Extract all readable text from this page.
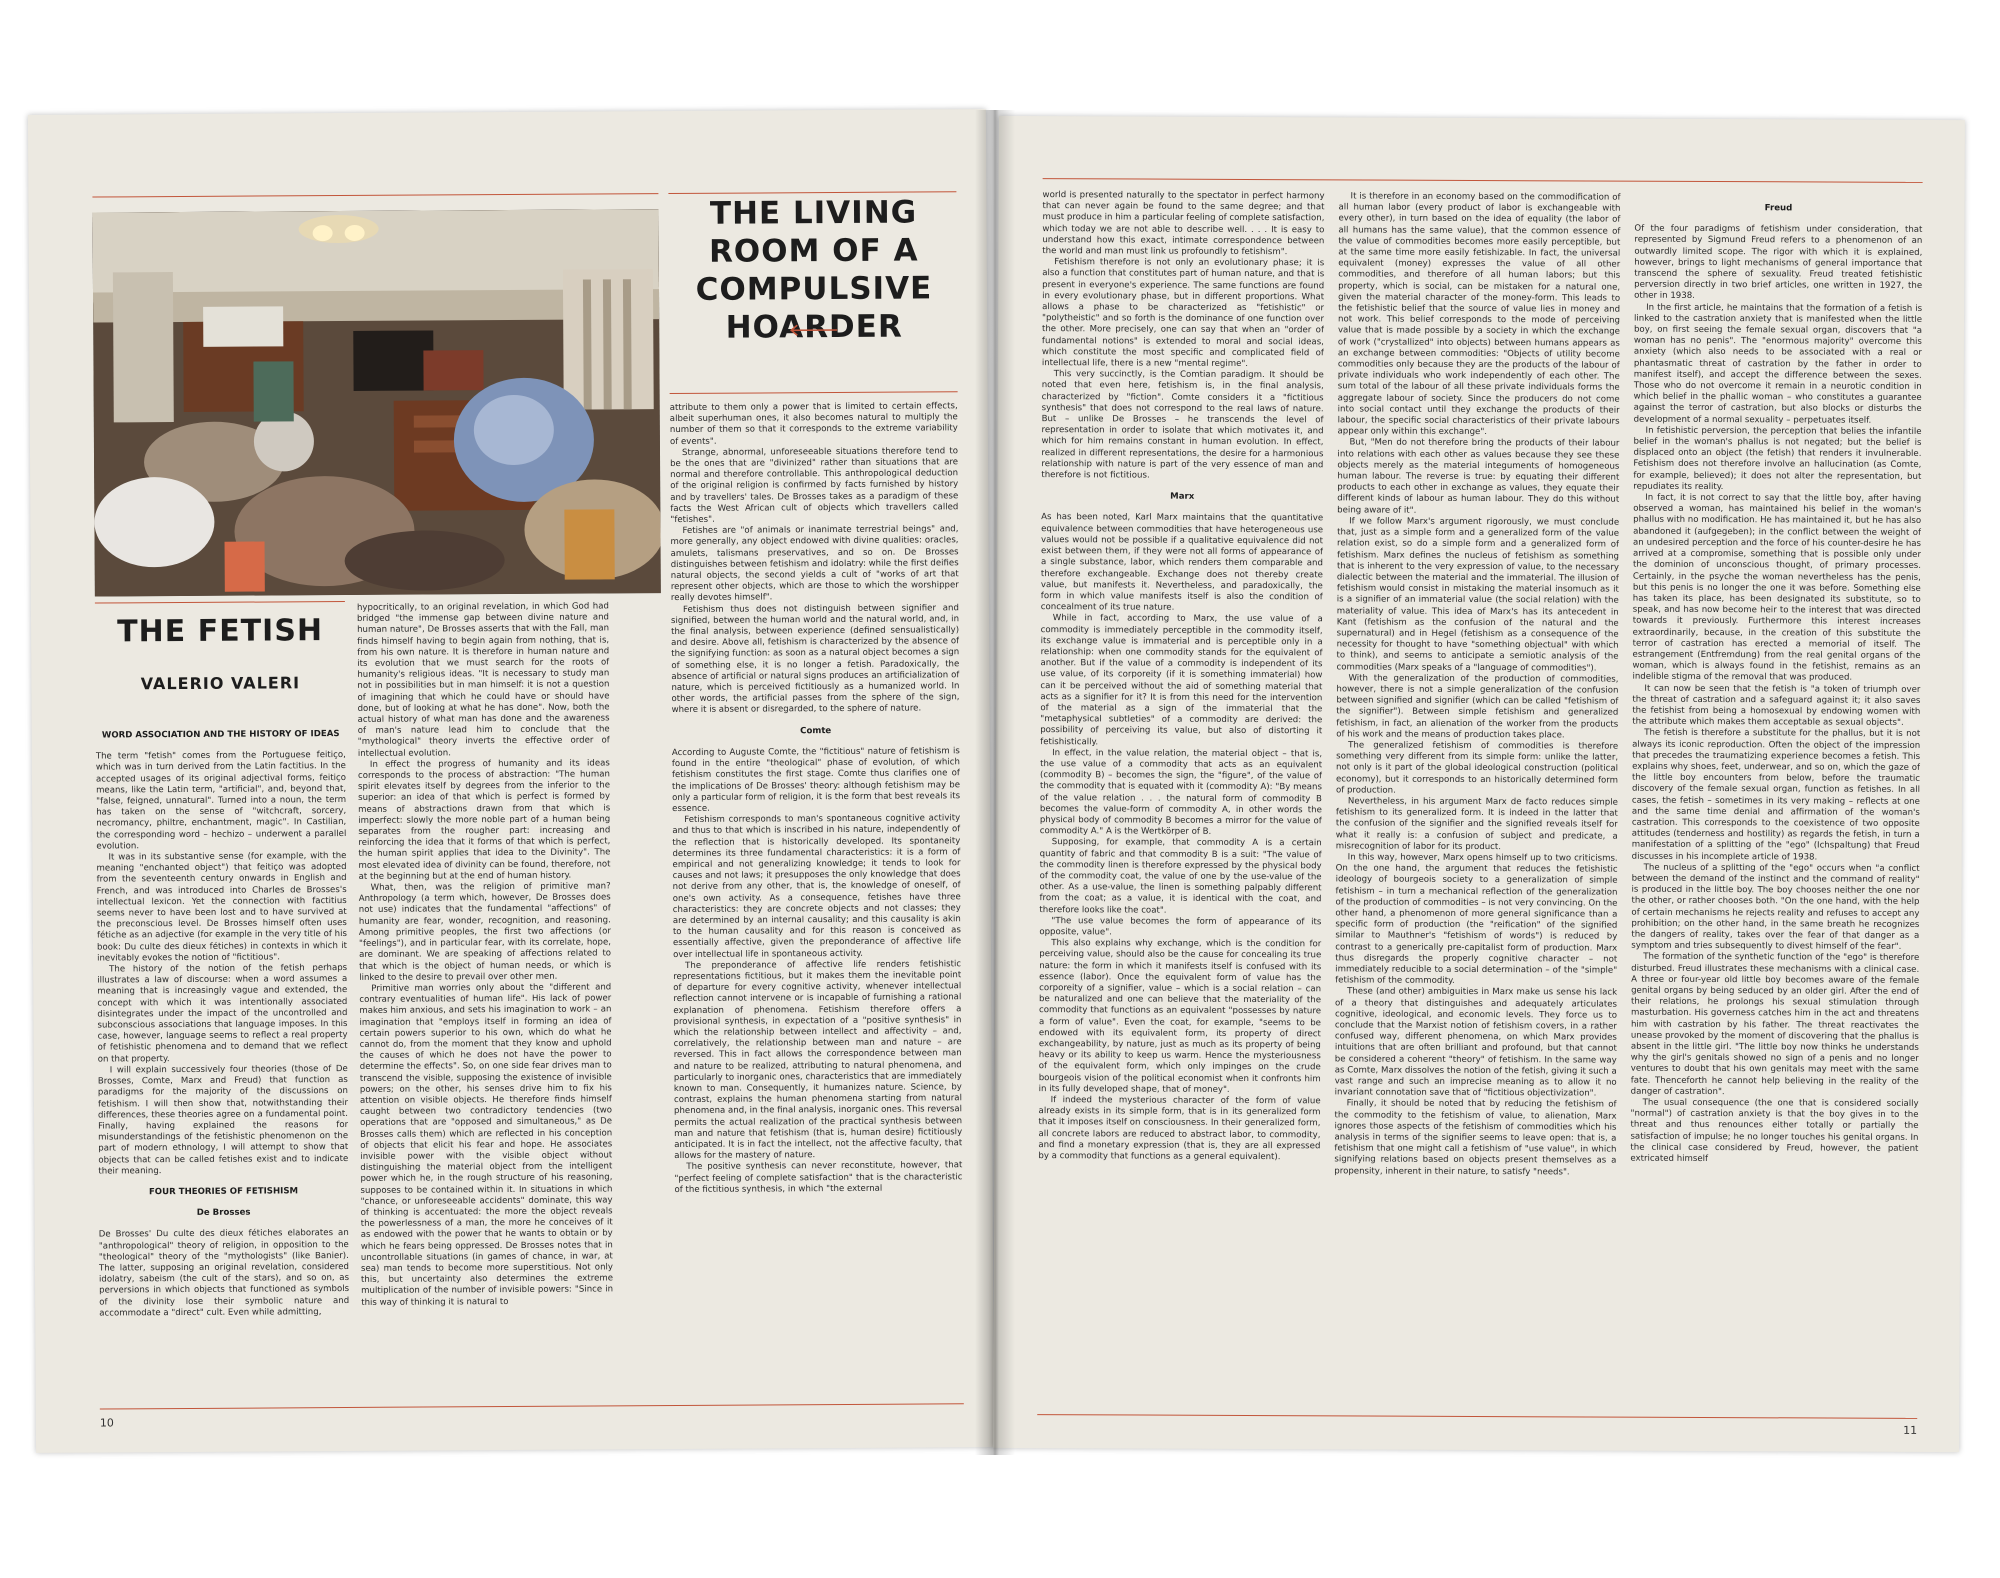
THE LIVING ROOM OF A COMPULSIVE HOARDER
THE FETISH
VALERIO VALERI
WORD ASSOCIATION AND THE HISTORY OF IDEAS

The term "fetish" comes from the Portuguese feitiço, which was in turn derived from the Latin factitius. In the accepted usages of its original adjectival forms, feitiço means, like the Latin term, "artificial", and, beyond that, "false, feigned, unnatural". Turned into a noun, the term has taken on the sense of "witchcraft, sorcery, necromancy, philtre, enchantment, magic". In Castilian, the corresponding word – hechizo – underwent a parallel evolution.

It was in its substantive sense (for example, with the meaning "enchanted object") that feitiço was adopted from the seventeenth century onwards in English and French, and was introduced into Charles de Brosses's intellectual lexicon. Yet the connection with factitius seems never to have been lost and to have survived at the preconscious level. De Brosses himself often uses fétiche as an adjective (for example in the very title of his book: Du culte des dieux fétiches) in contexts in which it inevitably evokes the notion of "fictitious".

The history of the notion of the fetish perhaps illustrates a law of discourse: when a word assumes a meaning that is increasingly vague and extended, the concept with which it was intentionally associated disintegrates under the impact of the uncontrolled and subconscious associations that language imposes. In this case, however, language seems to reflect a real property of fetishistic phenomena and to demand that we reflect on that property.

I will explain successively four theories (those of De Brosses, Comte, Marx and Freud) that function as paradigms for the majority of the discussions on fetishism. I will then show that, notwithstanding their differences, these theories agree on a fundamental point. Finally, having explained the reasons for misunderstandings of the fetishistic phenomenon on the part of modern ethnology, I will attempt to show that objects that can be called fetishes exist and to indicate their meaning.

FOUR THEORIES OF FETISHISM
De Brosses

De Brosses' Du culte des dieux fétiches elaborates an "anthropological" theory of religion, in opposition to the "theological" theory of the "mythologists" (like Banier). The latter, supposing an original revelation, considered idolatry, sabeism (the cult of the stars), and so on, as perversions in which objects that functioned as symbols of the divinity lose their symbolic nature and accommodate a "direct" cult. Even while admitting,

hypocritically, to an original revelation, in which God had bridged "the immense gap between divine nature and human nature", De Brosses asserts that with the Fall, man finds himself having to begin again from nothing, that is, from his own nature. It is therefore in human nature and its evolution that we must search for the roots of humanity's religious ideas. "It is necessary to study man not in possibilities but in man himself: it is not a question of imagining that which he could have or should have done, but of looking at what he has done". Now, both the actual history of what man has done and the awareness of man's nature lead him to conclude that the "mythological" theory inverts the effective order of intellectual evolution.

In effect the progress of humanity and its ideas corresponds to the process of abstraction: "The human spirit elevates itself by degrees from the inferior to the superior: an idea of that which is perfect is formed by means of abstractions drawn from that which is imperfect: slowly the more noble part of a human being separates from the rougher part: increasing and reinforcing the idea that it forms of that which is perfect, the human spirit applies that idea to the Divinity". The most elevated idea of divinity can be found, therefore, not at the beginning but at the end of human history.

What, then, was the religion of primitive man? Anthropology (a term which, however, De Brosses does not use) indicates that the fundamental "affections" of humanity are fear, wonder, recognition, and reasoning. Among primitive peoples, the first two affections (or "feelings"), and in particular fear, with its correlate, hope, are dominant. We are speaking of affections related to that which is the object of human needs, or which is linked to the desire to prevail over other men.

Primitive man worries only about the "different and contrary eventualities of human life". His lack of power makes him anxious, and sets his imagination to work – an imagination that "employs itself in forming an idea of certain powers superior to his own, which do what he cannot do, from the moment that they know and uphold the causes of which he does not have the power to determine the effects". So, on one side fear drives man to transcend the visible, supposing the existence of invisible powers; on the other, his senses drive him to fix his attention on visible objects. He therefore finds himself caught between two contradictory tendencies (two operations that are "opposed and simultaneous," as De Brosses calls them) which are reflected in his conception of objects that elicit his fear and hope. He associates invisible power with the visible object without distinguishing the material object from the intelligent power which he, in the rough structure of his reasoning, supposes to be contained within it. In situations in which "chance, or unforeseeable accidents" dominate, this way of thinking is accentuated: the more the object reveals the powerlessness of a man, the more he conceives of it as endowed with the power that he wants to obtain or by which he fears being oppressed. De Brosses notes that in uncontrollable situations (in games of chance, in war, at sea) man tends to become more superstitious. Not only this, but uncertainty also determines the extreme multiplication of the number of invisible powers: "Since in this way of thinking it is natural to

attribute to them only a power that is limited to certain effects, albeit superhuman ones, it also becomes natural to multiply the number of them so that it corresponds to the extreme variability of events".

Strange, abnormal, unforeseeable situations therefore tend to be the ones that are "divinized" rather than situations that are normal and therefore controllable. This anthropological deduction of the original religion is confirmed by facts furnished by history and by travellers' tales. De Brosses takes as a paradigm of these facts the West African cult of objects which travellers called "fetishes".

Fetishes are "of animals or inanimate terrestrial beings" and, more generally, any object endowed with divine qualities: oracles, amulets, talismans preservatives, and so on. De Brosses distinguishes between fetishism and idolatry: while the first deifies natural objects, the second yields a cult of "works of art that represent other objects, which are those to which the worshipper really devotes himself".

Fetishism thus does not distinguish between signifier and signified, between the human world and the natural world, and, in the final analysis, between experience (defined sensualistically) and desire. Above all, fetishism is characterized by the absence of the signifying function: as soon as a natural object becomes a sign of something else, it is no longer a fetish. Paradoxically, the absence of artificial or natural signs produces an artificialization of nature, which is perceived fictitiously as a humanized world. In other words, the artificial passes from the sphere of the sign, where it is absent or disregarded, to the sphere of nature.

Comte

According to Auguste Comte, the "fictitious" nature of fetishism is found in the entire "theological" phase of evolution, of which fetishism constitutes the first stage. Comte thus clarifies one of the implications of De Brosses' theory: although fetishism may be only a particular form of religion, it is the form that best reveals its essence.

Fetishism corresponds to man's spontaneous cognitive activity and thus to that which is inscribed in his nature, independently of the reflection that is historically developed. Its spontaneity determines its three fundamental characteristics: it is a form of empirical and not generalizing knowledge; it tends to look for causes and not laws; it presupposes the only knowledge that does not derive from any other, that is, the knowledge of oneself, of one's own activity. As a consequence, fetishes have three characteristics: they are concrete objects and not classes; they are determined by an internal causality; and this causality is akin to the human causality and for this reason is conceived as essentially affective, given the preponderance of affective life over intellectual life in spontaneous activity.

The preponderance of affective life renders fetishistic representations fictitious, but it makes them the inevitable point of departure for every cognitive activity, whenever intellectual reflection cannot intervene or is incapable of furnishing a rational explanation of phenomena. Fetishism therefore offers a provisional synthesis, in expectation of a "positive synthesis" in which the relationship between intellect and affectivity – and, correlatively, the relationship between man and nature – are reversed. This in fact allows the correspondence between man and nature to be realized, attributing to natural phenomena, and particularly to inorganic ones, characteristics that are immediately known to man. Consequently, it humanizes nature. Science, by contrast, explains the human phenomena starting from natural phenomena and, in the final analysis, inorganic ones. This reversal permits the actual realization of the practical synthesis between man and nature that fetishism (that is, human desire) fictitiously anticipated. It is in fact the intellect, not the affective faculty, that allows for the mastery of nature.

The positive synthesis can never reconstitute, however, that "perfect feeling of complete satisfaction" that is the characteristic of the fictitious synthesis, in which "the external

10

world is presented naturally to the spectator in perfect harmony that can never again be found to the same degree; and that must produce in him a particular feeling of complete satisfaction, which today we are not able to describe well. . . . It is easy to understand how this exact, intimate correspondence between the world and man must link us profoundly to fetishism".

Fetishism therefore is not only an evolutionary phase; it is also a function that constitutes part of human nature, and that is present in everyone's experience. The same functions are found in every evolutionary phase, but in different proportions. What allows a phase to be characterized as "fetishistic" or "polytheistic" and so forth is the dominance of one function over the other. More precisely, one can say that when an "order of fundamental notions" is extended to moral and social ideas, which constitute the most specific and complicated field of intellectual life, there is a new "mental regime".

This very succinctly, is the Comtian paradigm. It should be noted that even here, fetishism is, in the final analysis, characterized by "fiction". Comte considers it a "fictitious synthesis" that does not correspond to the real laws of nature. But – unlike De Brosses – he transcends the level of representation in order to isolate that which motivates it, and which for him remains constant in human evolution. In effect, realized in different representations, the desire for a harmonious relationship with nature is part of the very essence of man and therefore is not fictitious.

Marx

As has been noted, Karl Marx maintains that the quantitative equivalence between commodities that have heterogeneous use values would not be possible if a qualitative equivalence did not exist between them, if they were not all forms of appearance of a single substance, labor, which renders them comparable and therefore exchangeable. Exchange does not thereby create value, but manifests it. Nevertheless, and paradoxically, the form in which value manifests itself is also the condition of concealment of its true nature.

While in fact, according to Marx, the use value of a commodity is immediately perceptible in the commodity itself, its exchange value is immaterial and is perceptible only in a relationship: when one commodity stands for the equivalent of another. But if the value of a commodity is independent of its use value, of its corporeity (if it is something immaterial) how can it be perceived without the aid of something material that acts as a signifier for it? It is from this need for the intervention of the material as a sign of the immaterial that the "metaphysical subtleties" of a commodity are derived: the possibility of perceiving its value, but also of distorting it fetishistically.

In effect, in the value relation, the material object – that is, the use value of a commodity that acts as an equivalent (commodity B) – becomes the sign, the "figure", of the value of the commodity that is equated with it (commodity A): "By means of the value relation . . . the natural form of commodity B becomes the value-form of commodity A, in other words the physical body of commodity B becomes a mirror for the value of commodity A." A is the Wertkörper of B.

Supposing, for example, that commodity A is a certain quantity of fabric and that commodity B is a suit: "The value of the commodity linen is therefore expressed by the physical body of the commodity coat, the value of one by the use-value of the other. As a use-value, the linen is something palpably different from the coat; as a value, it is identical with the coat, and therefore looks like the coat".

"The use value becomes the form of appearance of its opposite, value".

This also explains why exchange, which is the condition for perceiving value, should also be the cause for concealing its true nature: the form in which it manifests itself is confused with its essence (labor). Once the equivalent form of value has the corporeity of a signifier, value – which is a social relation – can be naturalized and one can believe that the materiality of the commodity that functions as an equivalent "possesses by nature a form of value". Even the coat, for example, "seems to be endowed with its equivalent form, its property of direct exchangeability, by nature, just as much as its property of being heavy or its ability to keep us warm. Hence the mysteriousness of the equivalent form, which only impinges on the crude bourgeois vision of the political economist when it confronts him in its fully developed shape, that of money".

If indeed the mysterious character of the form of value already exists in its simple form, that is in its generalized form that it imposes itself on consciousness. In their generalized form, all concrete labors are reduced to abstract labor, to commodity, and find a monetary expression (that is, they are all expressed by a commodity that functions as a general equivalent).

It is therefore in an economy based on the commodification of all human labor (every product of labor is exchangeable with every other), in turn based on the idea of equality (the labor of all humans has the same value), that the common essence of the value of commodities becomes more easily perceptible, but at the same time more easily fetishizable. In fact, the universal equivalent (money) expresses the value of all other commodities, and therefore of all human labors; but this property, which is social, can be mistaken for a natural one, given the material character of the money-form. This leads to the fetishistic belief that the source of value lies in money and not work. This belief corresponds to the mode of perceiving value that is made possible by a society in which the exchange of work ("crystallized" into objects) between humans appears as an exchange between commodities: "Objects of utility become commodities only because they are the products of the labour of private individuals who work independently of each other. The sum total of the labour of all these private individuals forms the aggregate labour of society. Since the producers do not come into social contact until they exchange the products of their labour, the specific social characteristics of their private labours appear only within this exchange".

But, "Men do not therefore bring the products of their labour into relations with each other as values because they see these objects merely as the material integuments of homogeneous human labour. The reverse is true: by equating their different products to each other in exchange as values, they equate their different kinds of labour as human labour. They do this without being aware of it".

If we follow Marx's argument rigorously, we must conclude that, just as a simple form and a generalized form of the value relation exist, so do a simple form and a generalized form of fetishism. Marx defines the nucleus of fetishism as something that is inherent to the very expression of value, to the necessary dialectic between the material and the immaterial. The illusion of fetishism would consist in mistaking the material insomuch as it is a signifier of an immaterial value (the social relation) with the materiality of value. This idea of Marx's has its antecedent in Kant (fetishism as the confusion of the natural and the supernatural) and in Hegel (fetishism as a consequence of the necessity for thought to have "something objectual" with which to think), and seems to anticipate a semiotic analysis of the commodities (Marx speaks of a "language of commodities").

With the generalization of the production of commodities, however, there is not a simple generalization of the confusion between signified and signifier (which can be called "fetishism of the signifier"). Between simple fetishism and generalized fetishism, in fact, an alienation of the worker from the products of his work and the means of production takes place.

The generalized fetishism of commodities is therefore something very different from its simple form: unlike the latter, not only is it part of the global ideological construction (political economy), but it corresponds to an historically determined form of production.

Nevertheless, in his argument Marx de facto reduces simple fetishism to its generalized form. It is indeed in the latter that the confusion of the signifier and the signified reveals itself for what it really is: a confusion of subject and predicate, a misrecognition of labor for its product.

In this way, however, Marx opens himself up to two criticisms. On the one hand, the argument that reduces the fetishistic ideology of bourgeois society to a generalization of simple fetishism – in turn a mechanical reflection of the generalization of the production of commodities – is not very convincing. On the other hand, a phenomenon of more general significance than a specific form of production (the "reification" of the signified similar to Mauthner's "fetishism of words") is reduced by contrast to a generically pre-capitalist form of production. Marx thus disregards the properly cognitive character – not immediately reducible to a social determination – of the "simple" fetishism of the commodity.

These (and other) ambiguities in Marx make us sense his lack of a theory that distinguishes and adequately articulates cognitive, ideological, and economic levels. They force us to conclude that the Marxist notion of fetishism covers, in a rather confused way, different phenomena, on which Marx provides intuitions that are often brilliant and profound, but that cannot be considered a coherent "theory" of fetishism. In the same way as Comte, Marx dissolves the notion of the fetish, giving it such a vast range and such an imprecise meaning as to allow it no invariant connotation save that of "fictitious objectivization".

Finally, it should be noted that by reducing the fetishism of the commodity to the fetishism of value, to alienation, Marx ignores those aspects of the fetishism of commodities which his analysis in terms of the signifier seems to leave open: that is, a fetishism that one might call a fetishism of "use value", in which signifying relations based on objects present themselves as a propensity, inherent in their nature, to satisfy "needs".

Freud

Of the four paradigms of fetishism under consideration, that represented by Sigmund Freud refers to a phenomenon of an outwardly limited scope. The rigor with which it is explained, however, brings to light mechanisms of general importance that transcend the sphere of sexuality. Freud treated fetishistic perversion directly in two brief articles, one written in 1927, the other in 1938.

In the first article, he maintains that the formation of a fetish is linked to the castration anxiety that is manifested when the little boy, on first seeing the female sexual organ, discovers that "a woman has no penis". The "enormous majority" overcome this anxiety (which also needs to be associated with a real or phantasmatic threat of castration by the father in order to manifest itself), and accept the difference between the sexes. Those who do not overcome it remain in a neurotic condition in which belief in the phallic woman – who constitutes a guarantee against the terror of castration, but also blocks or disturbs the development of a normal sexuality – perpetuates itself.

In fetishistic perversion, the perception that belies the infantile belief in the woman's phallus is not negated; but the belief is displaced onto an object (the fetish) that renders it invulnerable. Fetishism does not therefore involve an hallucination (as Comte, for example, believed); it does not alter the representation, but repudiates its reality.

In fact, it is not correct to say that the little boy, after having observed a woman, has maintained his belief in the woman's phallus with no modification. He has maintained it, but he has also abandoned it (aufgegeben); in the conflict between the weight of an undesired perception and the force of his counter-desire he has arrived at a compromise, something that is possible only under the dominion of unconscious thought, of primary processes. Certainly, in the psyche the woman nevertheless has the penis, but this penis is no longer the one it was before. Something else has taken its place, has been designated its substitute, so to speak, and has now become heir to the interest that was directed towards it previously. Furthermore this interest increases extraordinarily, because, in the creation of this substitute the terror of castration has erected a memorial of itself. The estrangement (Entfremdung) from the real genital organs of the woman, which is always found in the fetishist, remains as an indelible stigma of the removal that was produced.

It can now be seen that the fetish is "a token of triumph over the threat of castration and a safeguard against it; it also saves the fetishist from being a homosexual by endowing women with the attribute which makes them acceptable as sexual objects".

The fetish is therefore a substitute for the phallus, but it is not always its iconic reproduction. Often the object of the impression that precedes the traumatizing experience becomes a fetish. This explains why shoes, feet, underwear, and so on, which the gaze of the little boy encounters from below, before the traumatic discovery of the female sexual organ, function as fetishes. In all cases, the fetish – sometimes in its very making – reflects at one and the same time denial and affirmation of the woman's castration. This corresponds to the coexistence of two opposite attitudes (tenderness and hostility) as regards the fetish, in turn a manifestation of a splitting of the "ego" (Ichspaltung) that Freud discusses in his incomplete article of 1938.

The nucleus of a splitting of the "ego" occurs when "a conflict between the demand of the instinct and the command of reality" is produced in the little boy. The boy chooses neither the one nor the other, or rather chooses both. "On the one hand, with the help of certain mechanisms he rejects reality and refuses to accept any prohibition; on the other hand, in the same breath he recognizes the dangers of reality, takes over the fear of that danger as a symptom and tries subsequently to divest himself of the fear".

The formation of the synthetic function of the "ego" is therefore disturbed. Freud illustrates these mechanisms with a clinical case. A three or four-year old little boy becomes aware of the female genital organs by being seduced by an older girl. After the end of their relations, he prolongs his sexual stimulation through masturbation. His governess catches him in the act and threatens him with castration by his father. The threat reactivates the unease provoked by the moment of discovering that the phallus is absent in the little girl. "The little boy now thinks he understands why the girl's genitals showed no sign of a penis and no longer ventures to doubt that his own genitals may meet with the same fate. Thenceforth he cannot help believing in the reality of the danger of castration".

The usual consequence (the one that is considered socially "normal") of castration anxiety is that the boy gives in to the threat and thus renounces either totally or partially the satisfaction of impulse; he no longer touches his genital organs. In the clinical case considered by Freud, however, the patient extricated himself

11
